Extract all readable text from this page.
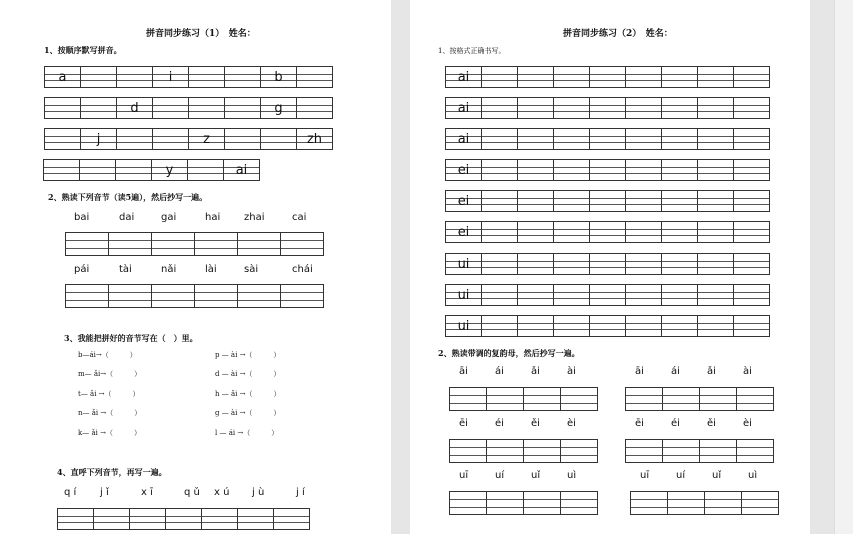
拼音同步练习（1）　姓名：
1、按顺序默写拼音。
a	i	b
d	g
j	z	zh
y	ai
2、熟读下列音节（读5遍），然后抄写一遍。
bai	dai	gai	hai zhai	cai
pái	tài	nǎi	lài	sài	chái
3、我能把拼好的音节写在（　）里。
b—ái→（　　　）	p — ài →（　　　）
m— ǎi→（　　　）	d — ài →（　　　）
t— ǎi →（　　　）	h — ǎi →（　　　）
n— ǎi →（　　　）	g — ài →（　　　）
k— ǎi →（　　　）	l — ái →（　　　）
4、直呼下列音节，再写一遍。
q í j ǐ	x ī	q ǔ x ú j ù	j í
拼音同步练习（2）　姓名：
1、按格式正确书写。
ai
ai
ai
ei
ei
ei
ui
ui
ui
2、熟读带调的复韵母，然后抄写一遍。
āi	ái	ǎi	ài	āi	ái	ǎi	ài
ēi	éi	ěi	èi	ēi	éi	ěi	èi
uī	uí	uǐ	uì	uī	uí	uǐ	uì
